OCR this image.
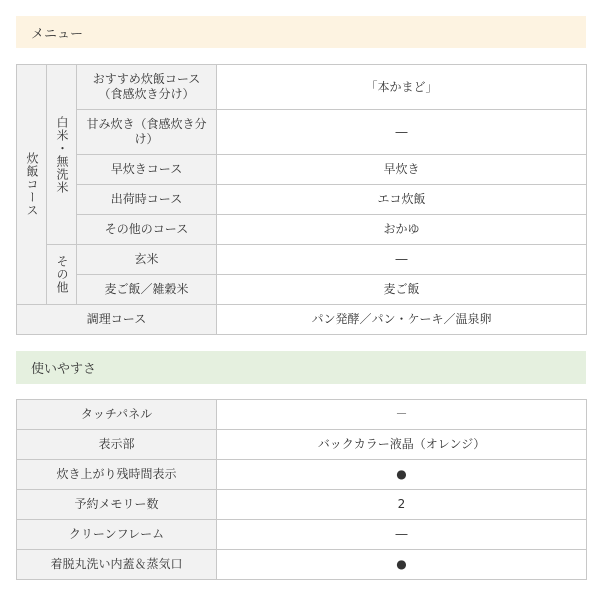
メニュー
炊飯コース	白米・無洗米	おすすめ炊飯コース（食感炊き分け）	「本かまど」
		甘み炊き（食感炊き分け）	―
		早炊きコース	早炊き
		出荷時コース	エコ炊飯
		その他のコース	おかゆ

	その他	玄米	―
		麦ご飯／雑穀米	麦ご飯
調理コース			パン発酵／パン・ケーキ／温泉卵
使いやすさ
タッチパネル	－
表示部	バックカラー液晶（オレンジ）
炊き上がり残時間表示	●
予約メモリー数	2
クリーンフレーム	―
着脱丸洗い内蓋＆蒸気口	●
